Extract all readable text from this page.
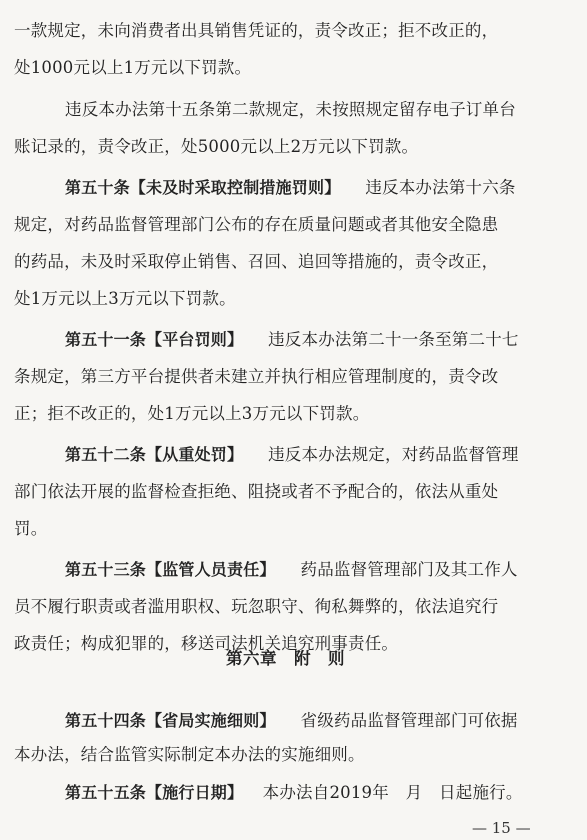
一款规定，未向消费者出具销售凭证的，责令改正；拒不改正的，
处1000元以上1万元以下罚款。
违反本办法第十五条第二款规定，未按照规定留存电子订单台
账记录的，责令改正，处5000元以上2万元以下罚款。
第五十条【未及时采取控制措施罚则】 违反本办法第十六条
规定，对药品监督管理部门公布的存在质量问题或者其他安全隐患
的药品，未及时采取停止销售、召回、追回等措施的，责令改正，
处1万元以上3万元以下罚款。
第五十一条【平台罚则】 违反本办法第二十一条至第二十七
条规定，第三方平台提供者未建立并执行相应管理制度的，责令改
正；拒不改正的，处1万元以上3万元以下罚款。
第五十二条【从重处罚】 违反本办法规定，对药品监督管理
部门依法开展的监督检查拒绝、阻挠或者不予配合的，依法从重处
罚。
第五十三条【监管人员责任】 药品监督管理部门及其工作人
员不履行职责或者滥用职权、玩忽职守、徇私舞弊的，依法追究行
政责任；构成犯罪的，移送司法机关追究刑事责任。
第六章　附　则
第五十四条【省局实施细则】 省级药品监督管理部门可依据
本办法，结合监管实际制定本办法的实施细则。
第五十五条【施行日期】 本办法自2019年　月　日起施行。
— 15 —
